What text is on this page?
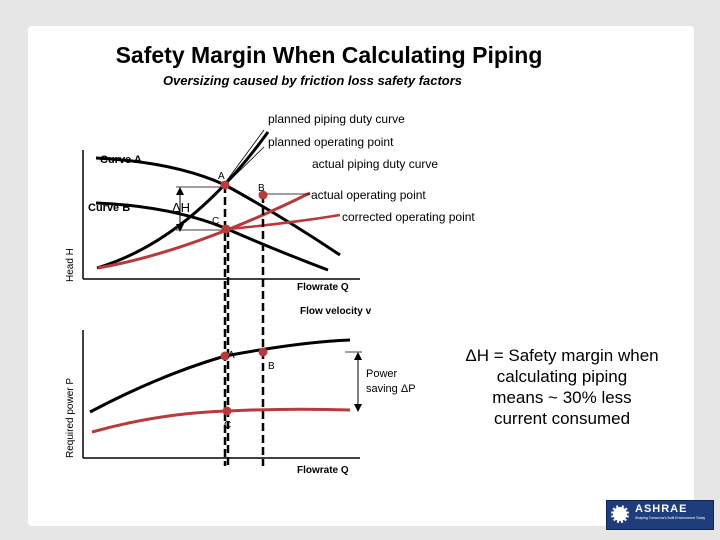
Safety Margin When Calculating Piping
Oversizing caused by friction loss safety factors
planned piping duty curve
planned operating point
Curve A	actual piping duty curve
A
B
Curve B	ΔH
actual operating point
C	corrected operating point
Head H
Flowrate Q
Flow velocity v
A
B
Power
saving ΔP
C
Required power P
Flowrate Q
ΔH = Safety margin when
calculating piping
means ~ 30% less
current consumed
ASHRAE
Shaping Tomorrow's Built Environment Today
